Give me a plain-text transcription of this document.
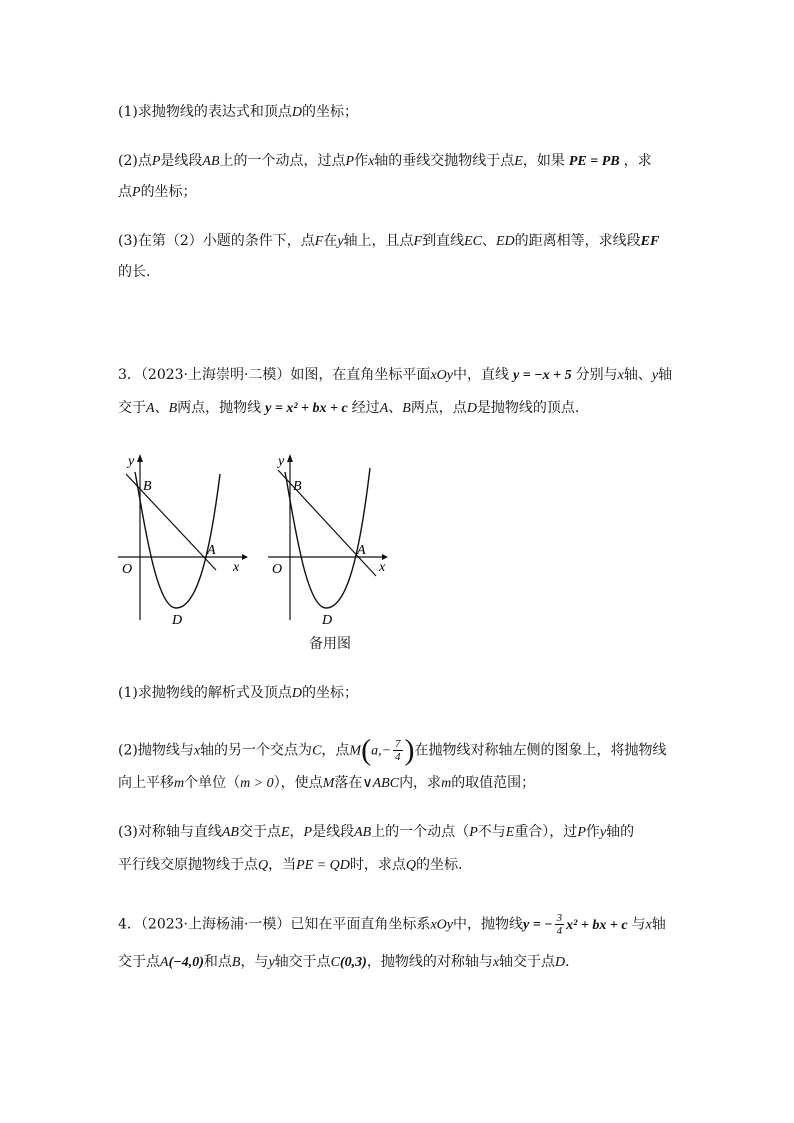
(1)求抛物线的表达式和顶点D的坐标；
(2)点P是线段AB上的一个动点，过点P作x轴的垂线交抛物线于点E，如果 PE = PB ，求
点P的坐标；
(3)在第（2）小题的条件下，点F在y轴上，且点F到直线EC、ED的距离相等，求线段EF
的长.
3．（2023·上海崇明·二模）如图，在直角坐标平面xOy中，直线 y = −x + 5 分别与x轴、y轴
交于A、B两点，抛物线 y = x² + bx + c 经过A、B两点，点D是抛物线的顶点.
y
B
A
O	x
D
y
B
A
O	x
D
备用图
(1)求抛物线的解析式及顶点D的坐标；
(2)抛物线与x轴的另一个交点为C，点$M(a,- \frac{7}{4}$ )在抛物线对称轴左侧的图象上，将抛物线
向上平移m个单位（m > 0），使点M落在∨ABC内，求m的取值范围；
(3)对称轴与直线AB交于点E，P是线段AB上的一个动点（P不与E重合），过P作y轴的
平行线交原抛物线于点Q，当PE = QD时，求点Q的坐标.
4．（2023·上海杨浦·一模）已知在平面直角坐标系xOy中，抛物线y = − $\frac{3}{4} x^2$ + bx + c 与x轴
交于点A(−4,0)和点B，与y轴交于点C(0,3)，抛物线的对称轴与x轴交于点D.
